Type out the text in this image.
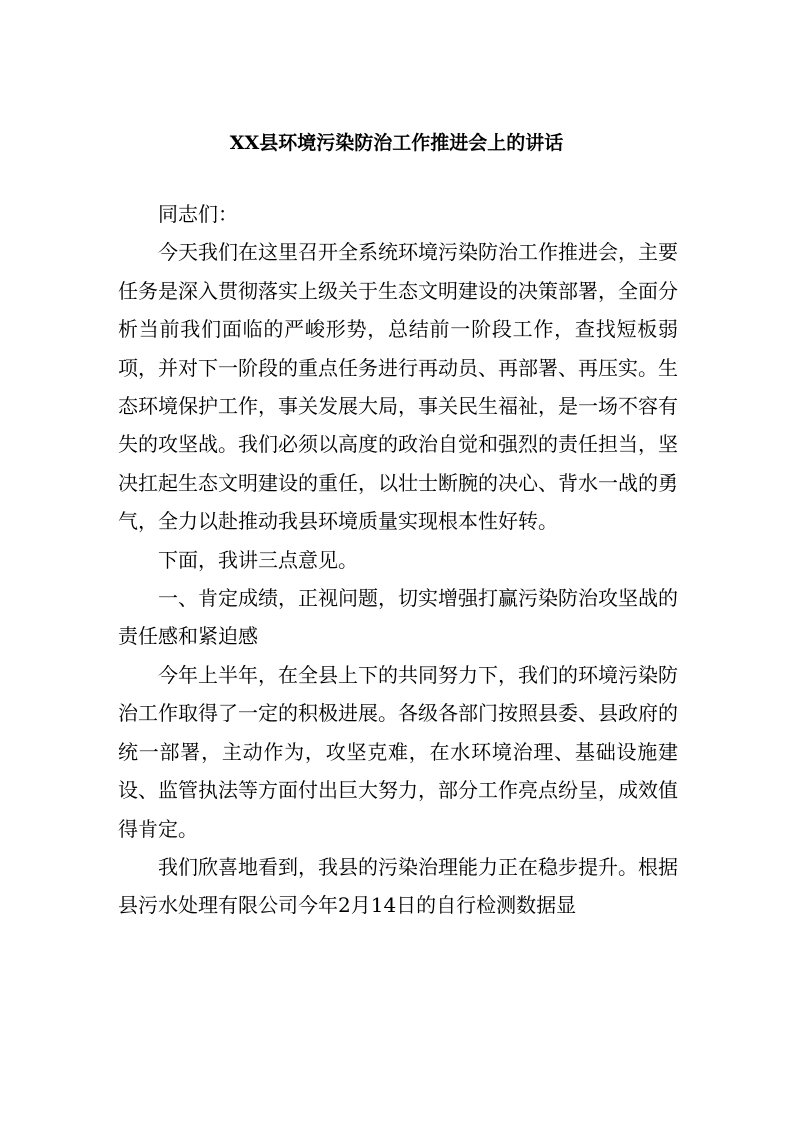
XX县环境污染防治工作推进会上的讲话

同志们：

今天我们在这里召开全系统环境污染防治工作推进会，主要任务是深入贯彻落实上级关于生态文明建设的决策部署，全面分析当前我们面临的严峻形势，总结前一阶段工作，查找短板弱项，并对下一阶段的重点任务进行再动员、再部署、再压实。生态环境保护工作，事关发展大局，事关民生福祉，是一场不容有失的攻坚战。我们必须以高度的政治自觉和强烈的责任担当，坚决扛起生态文明建设的重任，以壮士断腕的决心、背水一战的勇气，全力以赴推动我县环境质量实现根本性好转。

下面，我讲三点意见。

一、肯定成绩，正视问题，切实增强打赢污染防治攻坚战的责任感和紧迫感

今年上半年，在全县上下的共同努力下，我们的环境污染防治工作取得了一定的积极进展。各级各部门按照县委、县政府的统一部署，主动作为，攻坚克难，在水环境治理、基础设施建设、监管执法等方面付出巨大努力，部分工作亮点纷呈，成效值得肯定。

我们欣喜地看到，我县的污染治理能力正在稳步提升。根据县污水处理有限公司今年2月14日的自行检测数据显
